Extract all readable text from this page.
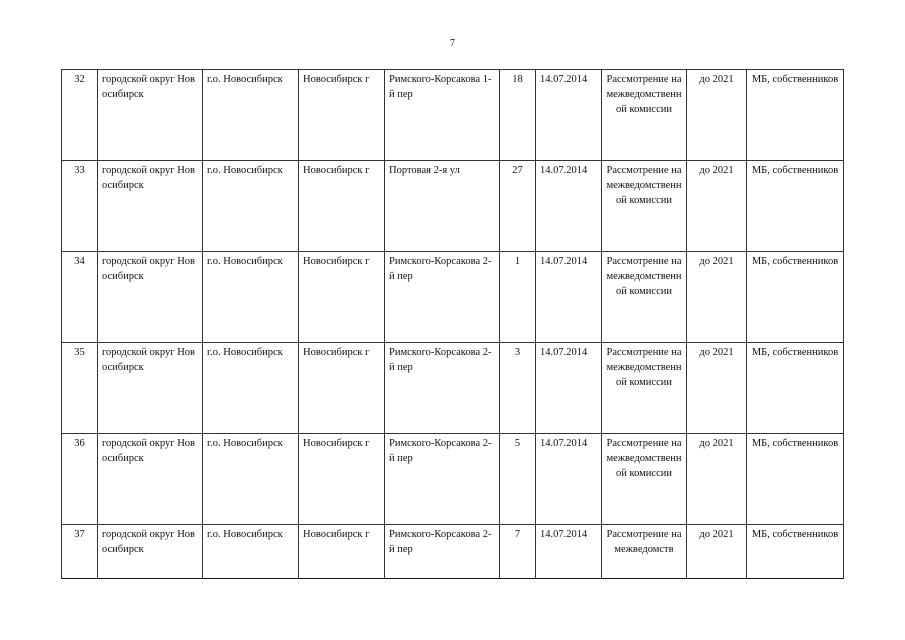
7
32	городской округ Новосибирск	г.о. Новосибирск	Новосибирск г	Римского-Корсакова 1-й пер	18	14.07.2014	Рассмотрение на межведомственной комиссии	до 2021	МБ, собственников
33	городской округ Новосибирск	г.о. Новосибирск	Новосибирск г	Портовая 2-я ул	27	14.07.2014	Рассмотрение на межведомственной комиссии	до 2021	МБ, собственников
34	городской округ Новосибирск	г.о. Новосибирск	Новосибирск г	Римского-Корсакова 2-й пер	1	14.07.2014	Рассмотрение на межведомственной комиссии	до 2021	МБ, собственников
35	городской округ Новосибирск	г.о. Новосибирск	Новосибирск г	Римского-Корсакова 2-й пер	3	14.07.2014	Рассмотрение на межведомственной комиссии	до 2021	МБ, собственников
36	городской округ Новосибирск	г.о. Новосибирск	Новосибирск г	Римского-Корсакова 2-й пер	5	14.07.2014	Рассмотрение на межведомственной комиссии	до 2021	МБ, собственников
37	городской округ Новосибирск	г.о. Новосибирск	Новосибирск г	Римского-Корсакова 2-й пер	7	14.07.2014	Рассмотрение на межведомств	до 2021	МБ, собственников
